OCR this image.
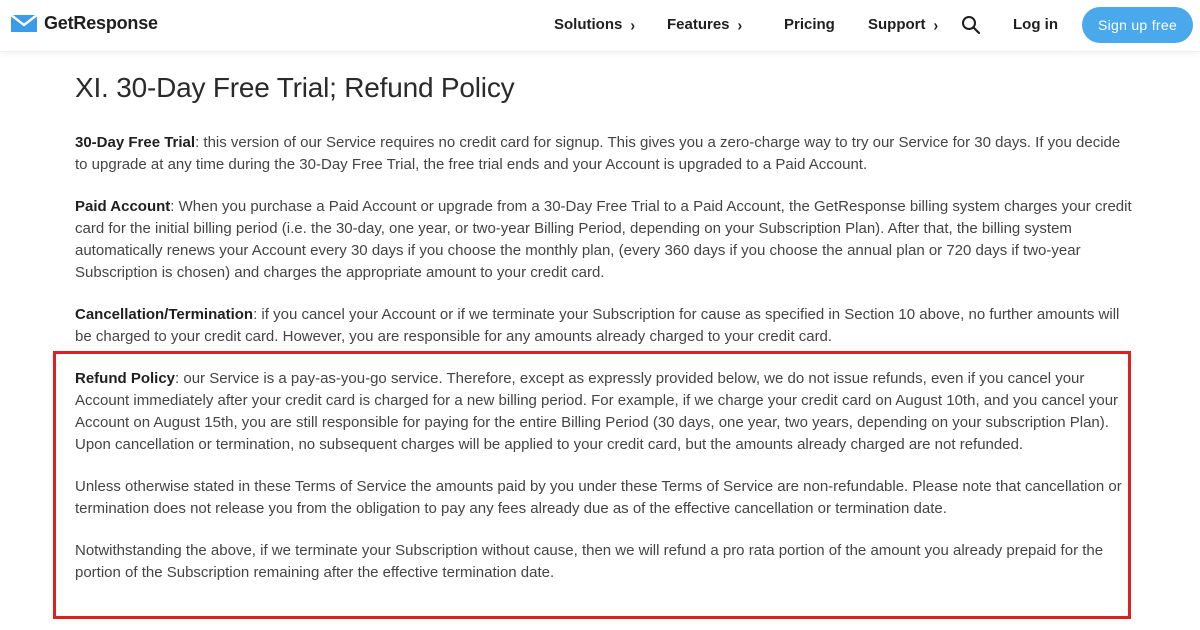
GetResponse	Solutions › Features ›	Pricing Support ›	Log in	Sign up free
XI. 30-Day Free Trial; Refund Policy

30-Day Free Trial: this version of our Service requires no credit card for signup. This gives you a zero-charge way to try our Service for 30 days. If you decide to upgrade at any time during the 30-Day Free Trial, the free trial ends and your Account is upgraded to a Paid Account.

Paid Account: When you purchase a Paid Account or upgrade from a 30-Day Free Trial to a Paid Account, the GetResponse billing system charges your credit card for the initial billing period (i.e. the 30-day, one year, or two-year Billing Period, depending on your Subscription Plan). After that, the billing system automatically renews your Account every 30 days if you choose the monthly plan, (every 360 days if you choose the annual plan or 720 days if two-year Subscription is chosen) and charges the appropriate amount to your credit card.

Cancellation/Termination: if you cancel your Account or if we terminate your Subscription for cause as specified in Section 10 above, no further amounts will be charged to your credit card. However, you are responsible for any amounts already charged to your credit card.

Refund Policy: our Service is a pay-as-you-go service. Therefore, except as expressly provided below, we do not issue refunds, even if you cancel your Account immediately after your credit card is charged for a new billing period. For example, if we charge your credit card on August 10th, and you cancel your Account on August 15th, you are still responsible for paying for the entire Billing Period (30 days, one year, two years, depending on your subscription Plan). Upon cancellation or termination, no subsequent charges will be applied to your credit card, but the amounts already charged are not refunded.

Unless otherwise stated in these Terms of Service the amounts paid by you under these Terms of Service are non-refundable. Please note that cancellation or termination does not release you from the obligation to pay any fees already due as of the effective cancellation or termination date.

Notwithstanding the above, if we terminate your Subscription without cause, then we will refund a pro rata portion of the amount you already prepaid for the portion of the Subscription remaining after the effective termination date.
